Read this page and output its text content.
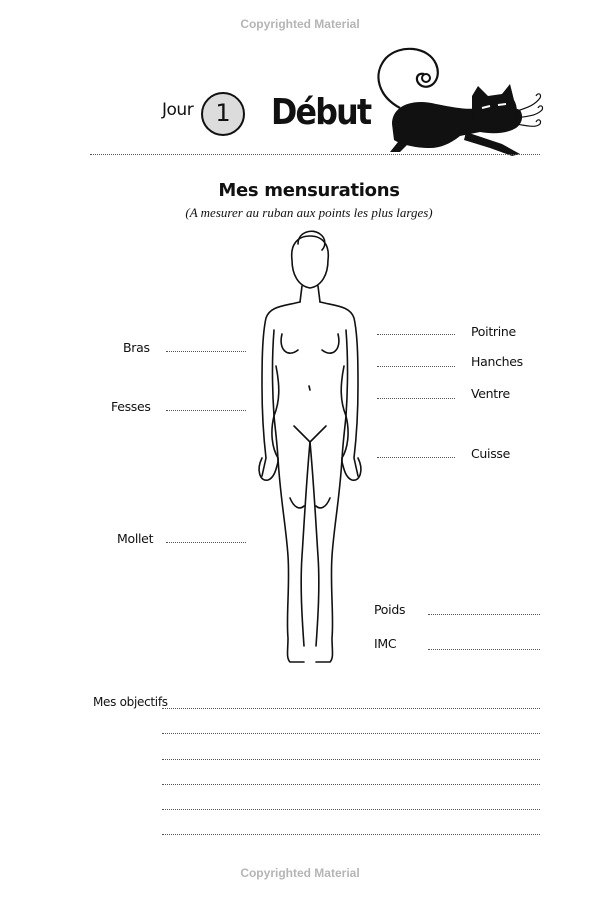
Copyrighted Material
Copyrighted Material
Jour 1	Début
Mes mensurations
(A mesurer au ruban aux points les plus larges)
Bras
Fesses
Mollet
Poitrine
Hanches
Ventre
Cuisse
Poids
IMC
Mes objectifs
